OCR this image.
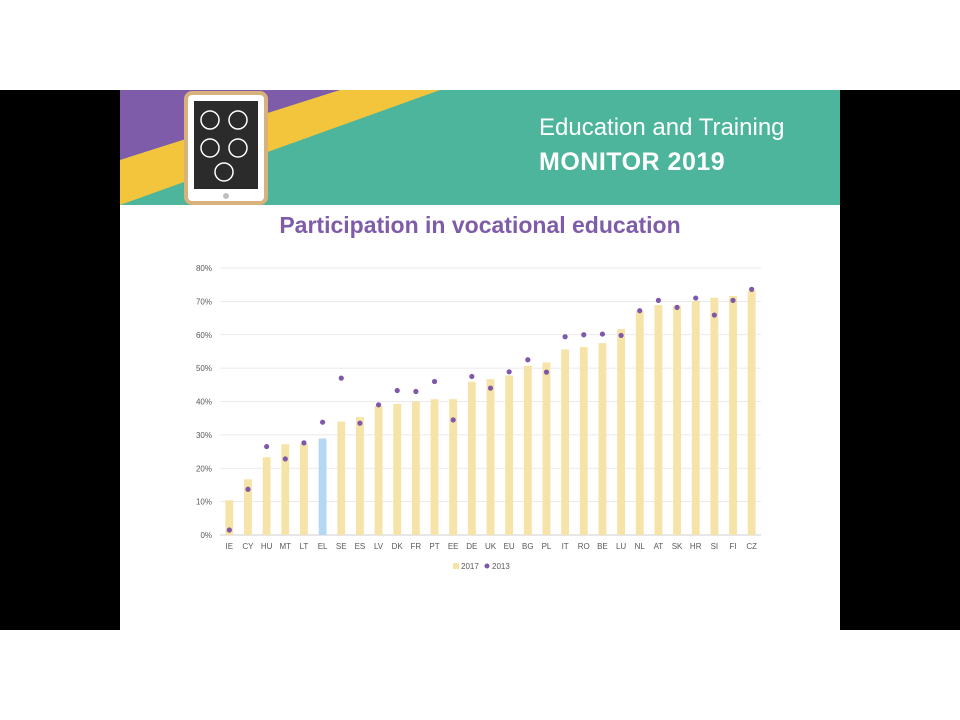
Education and Training
MONITOR 2019
Participation in vocational education
0%
10%
20%
30%
40%
50%
60%
70%
80%
IE CY HU MT LT EL SE ES LV DK FR PT EE DE UK EU BG PL IT RO BE LU NL AT SK HR SI FI CZ
2017 2013
